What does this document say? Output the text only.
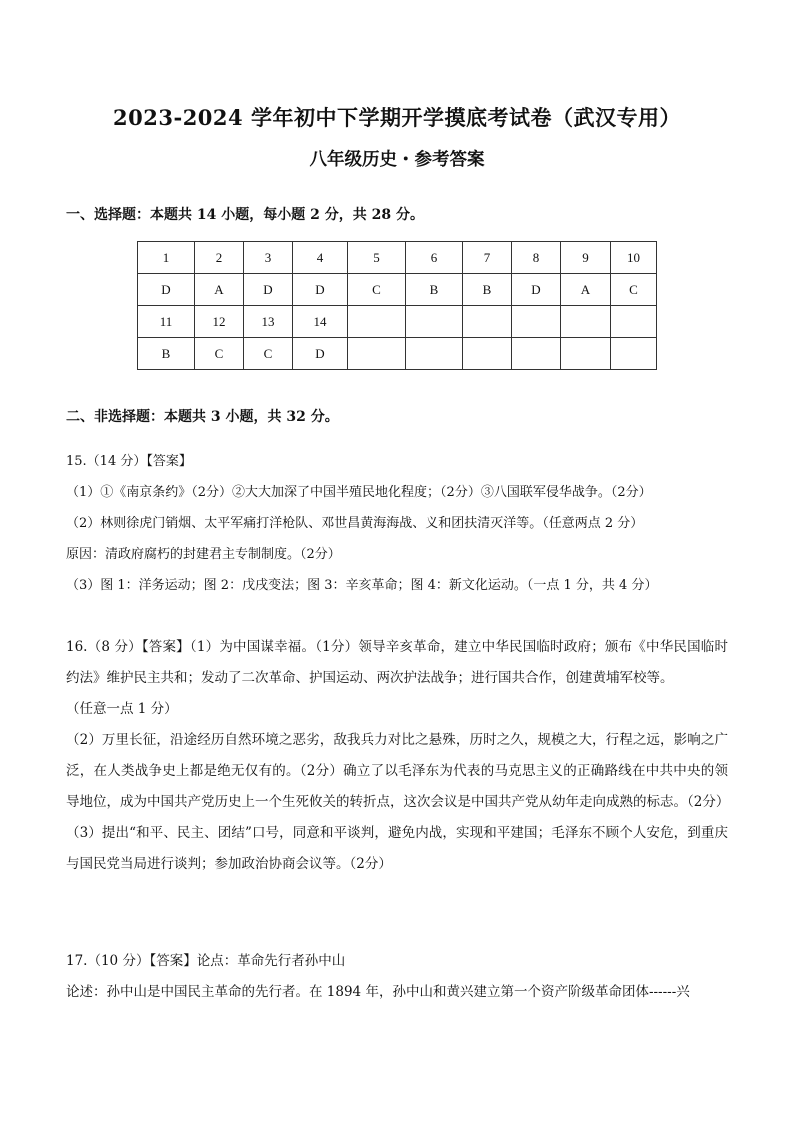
2023-2024 学年初中下学期开学摸底考试卷（武汉专用）
八年级历史・参考答案
一、选择题：本题共 14 小题，每小题 2 分，共 28 分。
1	2	3	4	5	6	7	8	9	10
D	A	D	D	C	B	B	D	A	C
11	12	13	14						
B	C	C	D						
二、非选择题：本题共 3 小题，共 32 分。

15.（14 分）【答案】

（1）①《南京条约》（2分）②大大加深了中国半殖民地化程度；（2分）③八国联军侵华战争。（2分）

（2）林则徐虎门销烟、太平军痛打洋枪队、邓世昌黄海海战、义和团扶清灭洋等。（任意两点 2 分）

原因：清政府腐朽的封建君主专制制度。（2分）

（3）图 1：洋务运动；图 2：戊戌变法；图 3：辛亥革命；图 4：新文化运动。（一点 1 分，共 4 分）

16.（8 分）【答案】（1）为中国谋幸福。（1分）领导辛亥革命，建立中华民国临时政府；颁布《中华民国临时约法》维护民主共和；发动了二次革命、护国运动、两次护法战争；进行国共合作，创建黄埔军校等。

（任意一点 1 分）

（2）万里长征，沿途经历自然环境之恶劣，敌我兵力对比之悬殊，历时之久，规模之大，行程之远，影响之广泛，在人类战争史上都是绝无仅有的。（2分）确立了以毛泽东为代表的马克思主义的正确路线在中共中央的领导地位，成为中国共产党历史上一个生死攸关的转折点，这次会议是中国共产党从幼年走向成熟的标志。（2分）

（3）提出“和平、民主、团结”口号，同意和平谈判，避免内战，实现和平建国；毛泽东不顾个人安危，到重庆与国民党当局进行谈判；参加政治协商会议等。（2分）

17.（10 分）【答案】论点：革命先行者孙中山

论述：孙中山是中国民主革命的先行者。在 1894 年，孙中山和黄兴建立第一个资产阶级革命团体------兴
